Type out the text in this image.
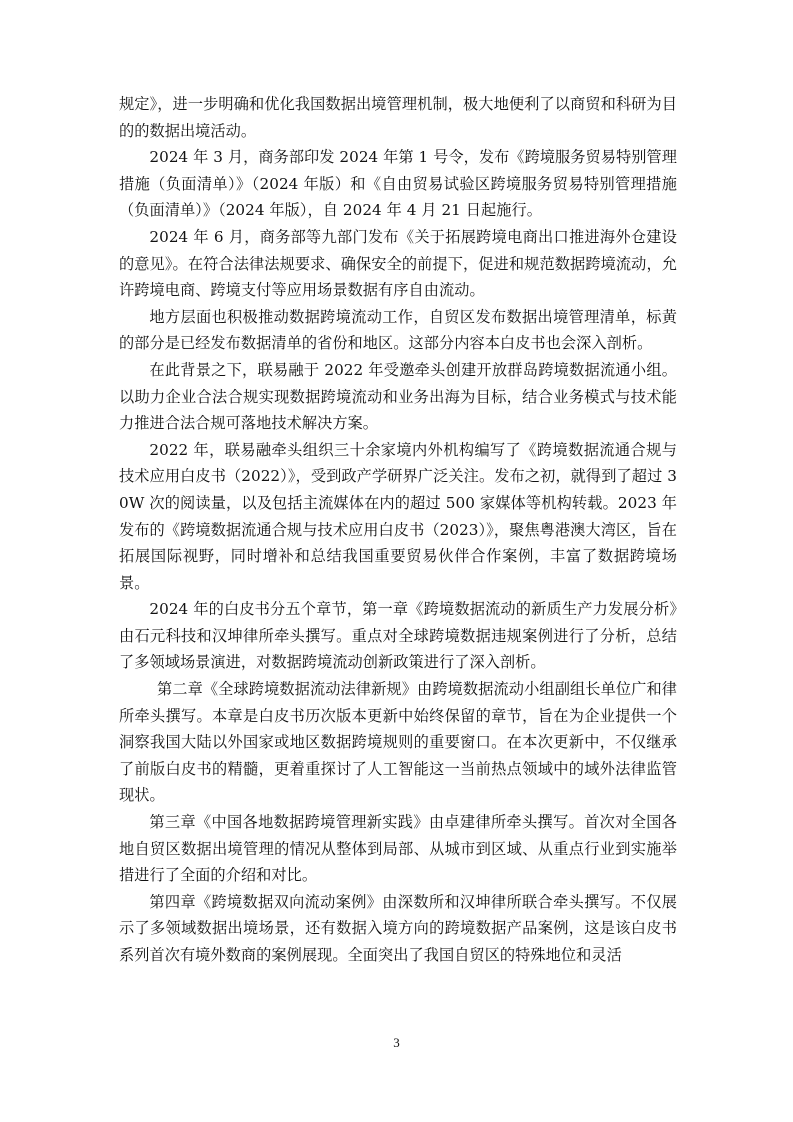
规定》，进一步明确和优化我国数据出境管理机制，极大地便利了以商贸和科研为目的的数据出境活动。

2024 年 3 月，商务部印发 2024 年第 1 号令，发布《跨境服务贸易特别管理措施（负面清单）》（2024 年版）和《自由贸易试验区跨境服务贸易特别管理措施（负面清单）》（2024 年版），自 2024 年 4 月 21 日起施行。

2024 年 6 月，商务部等九部门发布《关于拓展跨境电商出口推进海外仓建设的意见》。在符合法律法规要求、确保安全的前提下，促进和规范数据跨境流动，允许跨境电商、跨境支付等应用场景数据有序自由流动。

地方层面也积极推动数据跨境流动工作，自贸区发布数据出境管理清单，标黄的部分是已经发布数据清单的省份和地区。这部分内容本白皮书也会深入剖析。

在此背景之下，联易融于 2022 年受邀牵头创建开放群岛跨境数据流通小组。以助力企业合法合规实现数据跨境流动和业务出海为目标，结合业务模式与技术能力推进合法合规可落地技术解决方案。

2022 年，联易融牵头组织三十余家境内外机构编写了《跨境数据流通合规与技术应用白皮书（2022）》，受到政产学研界广泛关注。发布之初，就得到了超过 30W 次的阅读量，以及包括主流媒体在内的超过 500 家媒体等机构转载。2023 年发布的《跨境数据流通合规与技术应用白皮书（2023）》，聚焦粤港澳大湾区，旨在拓展国际视野，同时增补和总结我国重要贸易伙伴合作案例，丰富了数据跨境场景。

2024 年的白皮书分五个章节，第一章《跨境数据流动的新质生产力发展分析》由石元科技和汉坤律所牵头撰写。重点对全球跨境数据违规案例进行了分析，总结了多领域场景演进，对数据跨境流动创新政策进行了深入剖析。

第二章《全球跨境数据流动法律新规》由跨境数据流动小组副组长单位广和律所牵头撰写。本章是白皮书历次版本更新中始终保留的章节，旨在为企业提供一个洞察我国大陆以外国家或地区数据跨境规则的重要窗口。在本次更新中，不仅继承了前版白皮书的精髓，更着重探讨了人工智能这一当前热点领域中的域外法律监管现状。

第三章《中国各地数据跨境管理新实践》由卓建律所牵头撰写。首次对全国各地自贸区数据出境管理的情况从整体到局部、从城市到区域、从重点行业到实施举措进行了全面的介绍和对比。

第四章《跨境数据双向流动案例》由深数所和汉坤律所联合牵头撰写。不仅展示了多领域数据出境场景，还有数据入境方向的跨境数据产品案例，这是该白皮书系列首次有境外数商的案例展现。全面突出了我国自贸区的特殊地位和灵活

3
